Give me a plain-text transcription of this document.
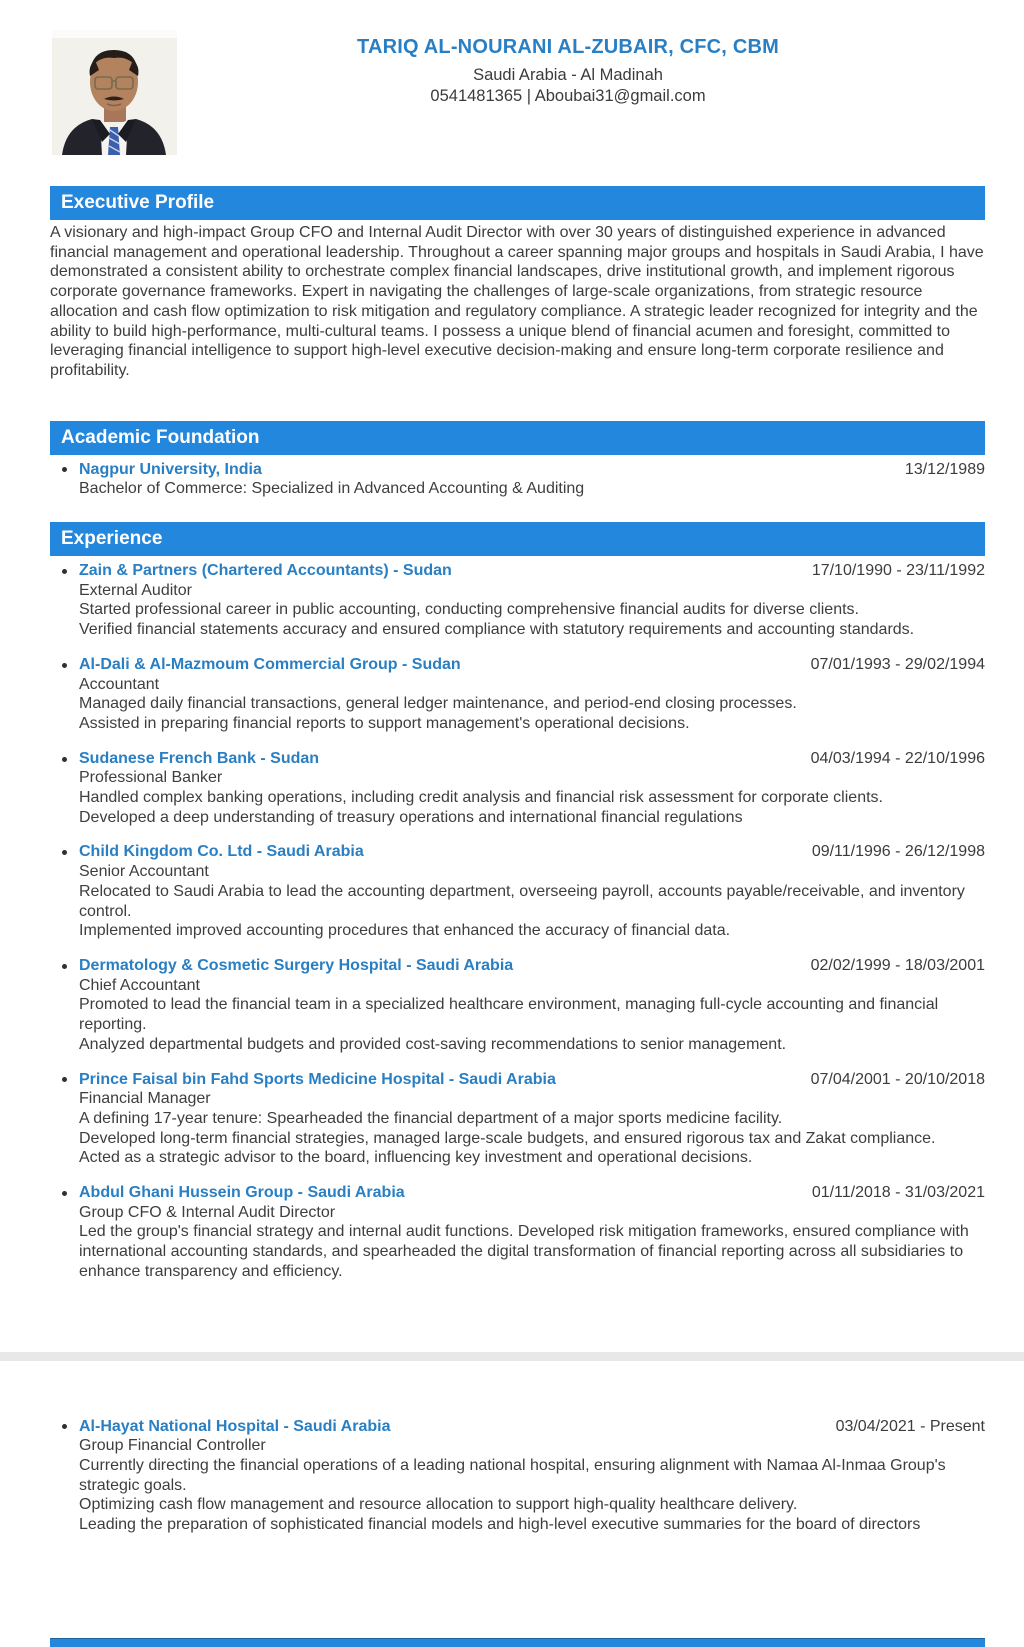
TARIQ AL-NOURANI AL-ZUBAIR, CFC, CBM
Saudi Arabia - Al Madinah
0541481365 | Aboubai31@gmail.com
Executive Profile
A visionary and high-impact Group CFO and Internal Audit Director with over 30 years of distinguished experience in advanced financial management and operational leadership. Throughout a career spanning major groups and hospitals in Saudi Arabia, I have demonstrated a consistent ability to orchestrate complex financial landscapes, drive institutional growth, and implement rigorous corporate governance frameworks. Expert in navigating the challenges of large-scale organizations, from strategic resource allocation and cash flow optimization to risk mitigation and regulatory compliance. A strategic leader recognized for integrity and the ability to build high-performance, multi-cultural teams. I possess a unique blend of financial acumen and foresight, committed to leveraging financial intelligence to support high-level executive decision-making and ensure long-term corporate resilience and profitability.
Academic Foundation
Nagpur University, India	13/12/1989
Bachelor of Commerce: Specialized in Advanced Accounting & Auditing
Experience
Zain & Partners (Chartered Accountants) - Sudan	17/10/1990 - 23/11/1992
External Auditor
Started professional career in public accounting, conducting comprehensive financial audits for diverse clients.
Verified financial statements accuracy and ensured compliance with statutory requirements and accounting standards.
Al-Dali & Al-Mazmoum Commercial Group - Sudan	07/01/1993 - 29/02/1994
Accountant
Managed daily financial transactions, general ledger maintenance, and period-end closing processes.
Assisted in preparing financial reports to support management's operational decisions.
Sudanese French Bank - Sudan	04/03/1994 - 22/10/1996
Professional Banker
Handled complex banking operations, including credit analysis and financial risk assessment for corporate clients.
Developed a deep understanding of treasury operations and international financial regulations
Child Kingdom Co. Ltd - Saudi Arabia	09/11/1996 - 26/12/1998
Senior Accountant
Relocated to Saudi Arabia to lead the accounting department, overseeing payroll, accounts payable/receivable, and inventory control.
Implemented improved accounting procedures that enhanced the accuracy of financial data.
Dermatology & Cosmetic Surgery Hospital - Saudi Arabia	02/02/1999 - 18/03/2001
Chief Accountant
Promoted to lead the financial team in a specialized healthcare environment, managing full-cycle accounting and financial reporting.
Analyzed departmental budgets and provided cost-saving recommendations to senior management.
Prince Faisal bin Fahd Sports Medicine Hospital - Saudi Arabia	07/04/2001 - 20/10/2018
Financial Manager
A defining 17-year tenure: Spearheaded the financial department of a major sports medicine facility.
Developed long-term financial strategies, managed large-scale budgets, and ensured rigorous tax and Zakat compliance.
Acted as a strategic advisor to the board, influencing key investment and operational decisions.
Abdul Ghani Hussein Group - Saudi Arabia	01/11/2018 - 31/03/2021
Group CFO & Internal Audit Director
Led the group's financial strategy and internal audit functions. Developed risk mitigation frameworks, ensured compliance with international accounting standards, and spearheaded the digital transformation of financial reporting across all subsidiaries to enhance transparency and efficiency.
Al-Hayat National Hospital - Saudi Arabia	03/04/2021 - Present
Group Financial Controller
Currently directing the financial operations of a leading national hospital, ensuring alignment with Namaa Al-Inmaa Group's strategic goals.
Optimizing cash flow management and resource allocation to support high-quality healthcare delivery.
Leading the preparation of sophisticated financial models and high-level executive summaries for the board of directors
